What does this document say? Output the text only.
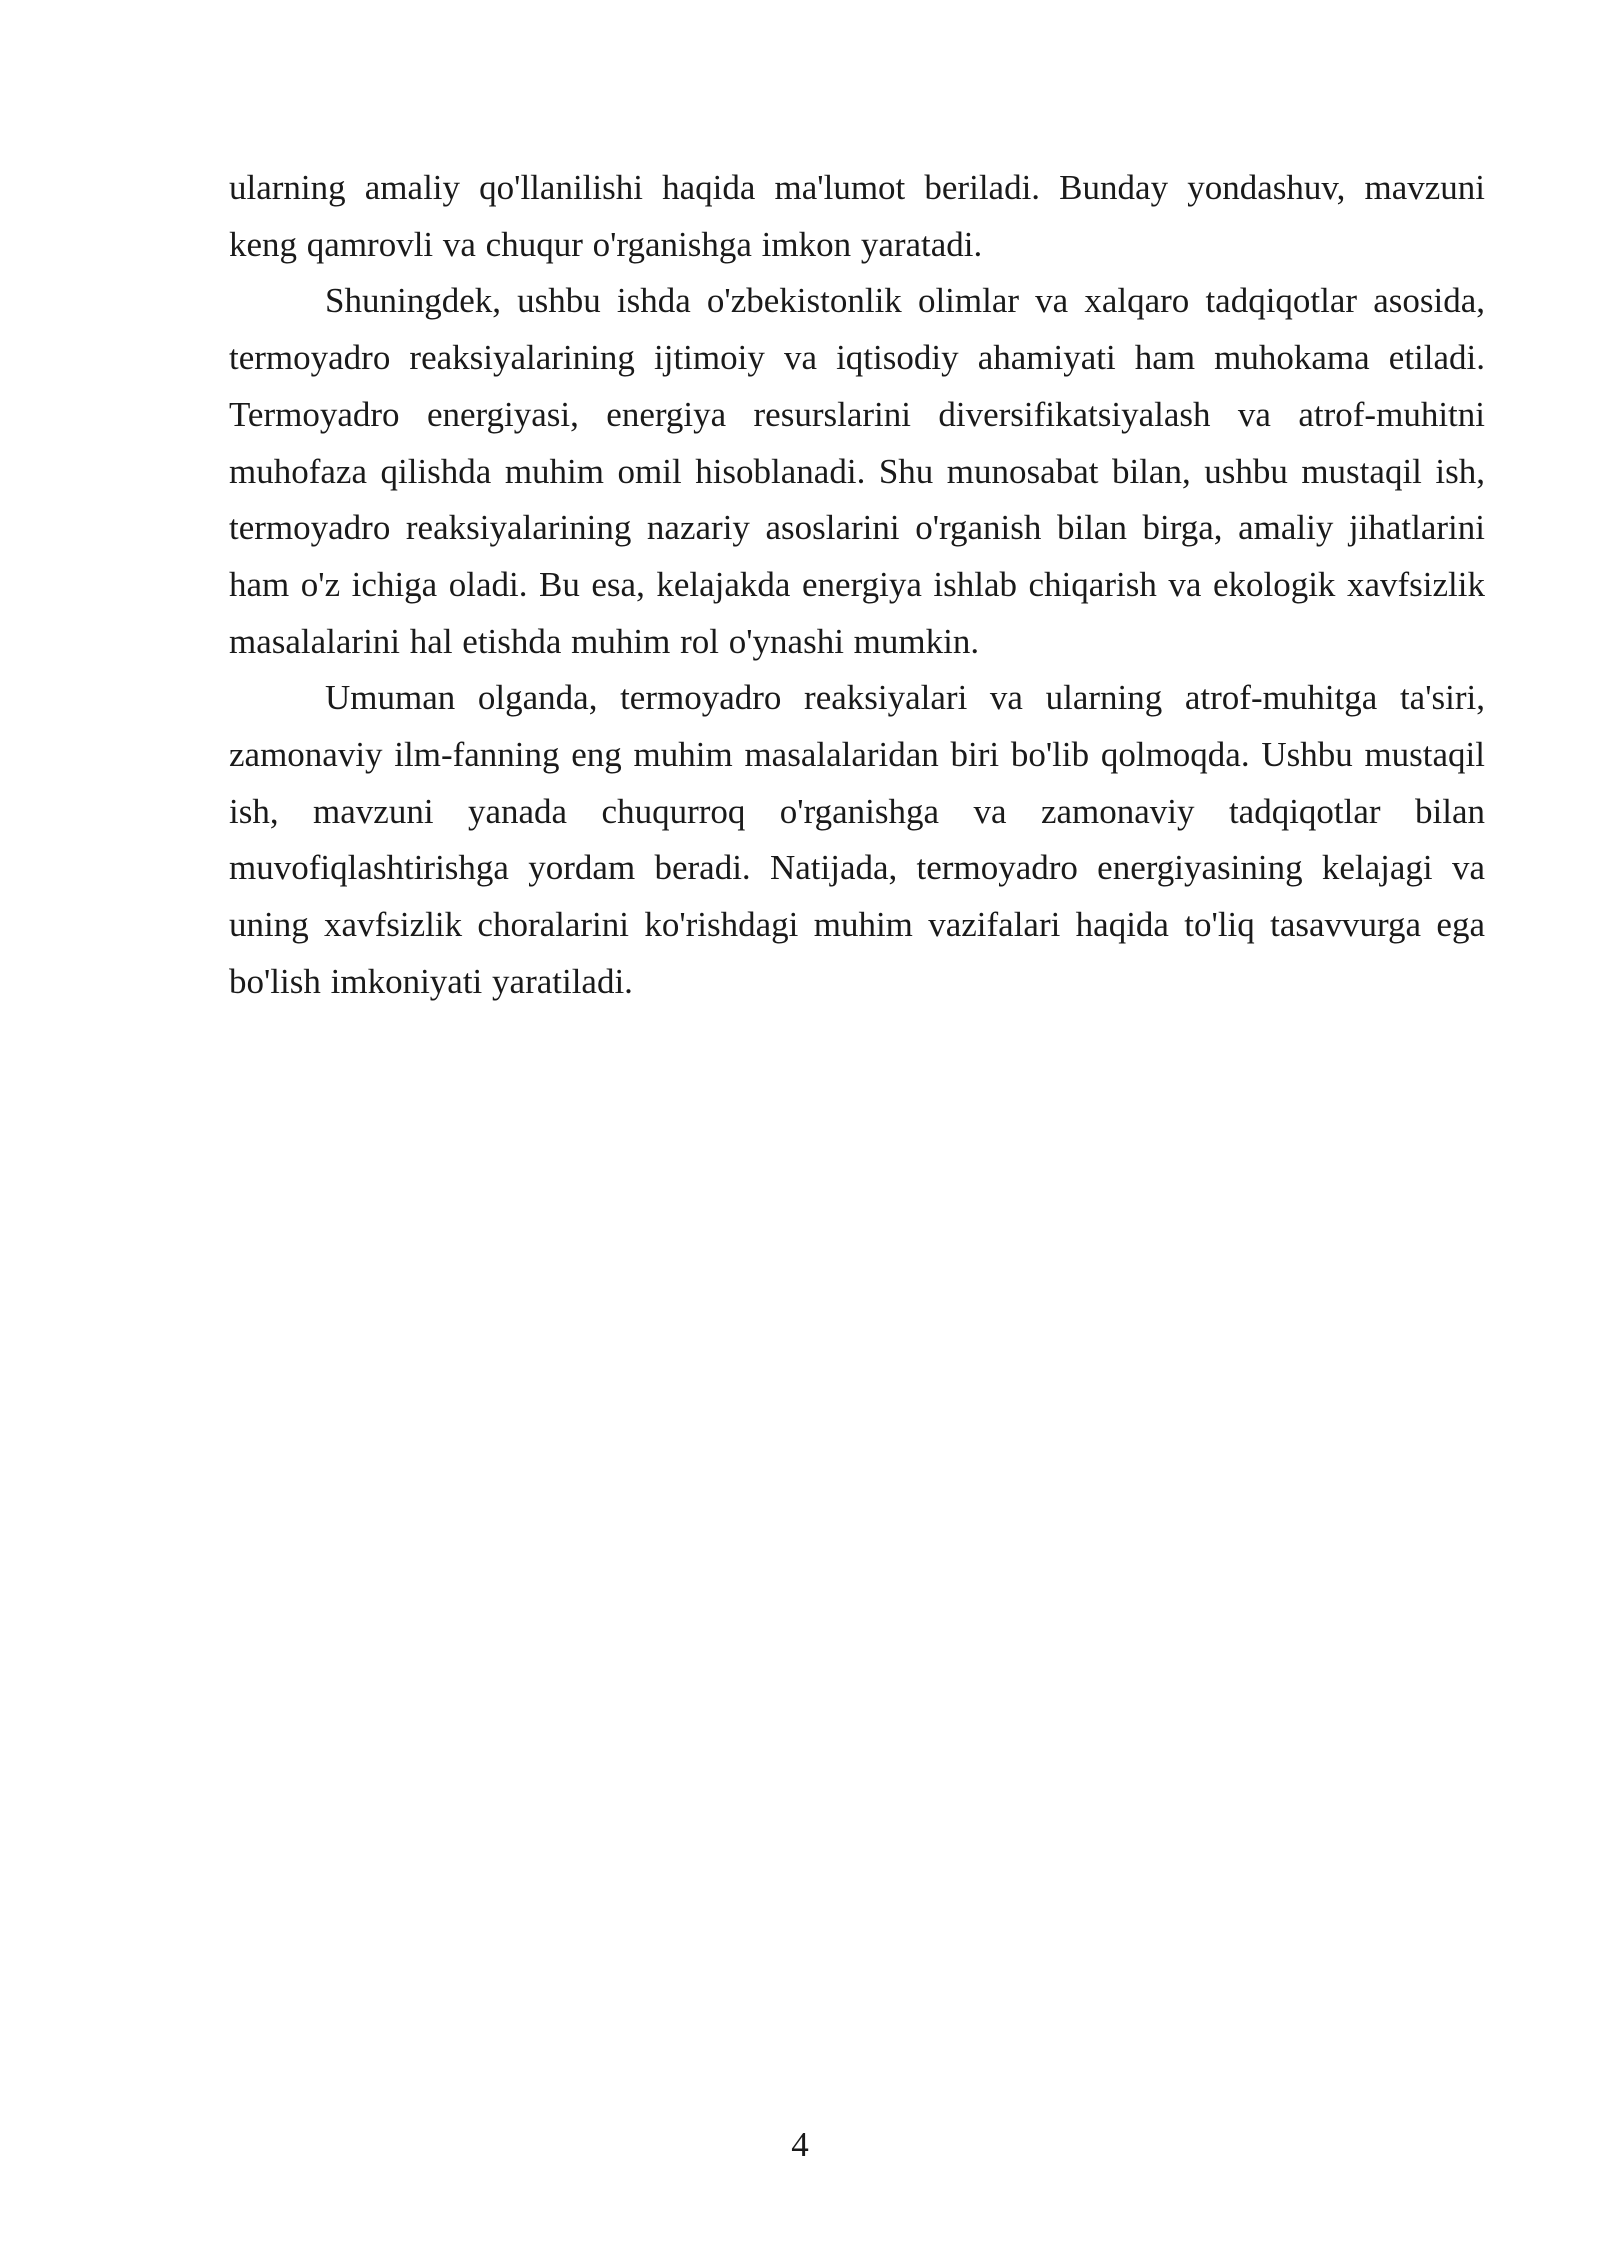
ularning amaliy qo'llanilishi haqida ma'lumot beriladi. Bunday yondashuv, mavzuni keng qamrovli va chuqur o'rganishga imkon yaratadi.

Shuningdek, ushbu ishda o'zbekistonlik olimlar va xalqaro tadqiqotlar asosida, termoyadro reaksiyalarining ijtimoiy va iqtisodiy ahamiyati ham muhokama etiladi. Termoyadro energiyasi, energiya resurslarini diversifikatsiyalash va atrof-muhitni muhofaza qilishda muhim omil hisoblanadi. Shu munosabat bilan, ushbu mustaqil ish, termoyadro reaksiyalarining nazariy asoslarini o'rganish bilan birga, amaliy jihatlarini ham o'z ichiga oladi. Bu esa, kelajakda energiya ishlab chiqarish va ekologik xavfsizlik masalalarini hal etishda muhim rol o'ynashi mumkin.

Umuman olganda, termoyadro reaksiyalari va ularning atrof-muhitga ta'siri, zamonaviy ilm-fanning eng muhim masalalaridan biri bo'lib qolmoqda. Ushbu mustaqil ish, mavzuni yanada chuqurroq o'rganishga va zamonaviy tadqiqotlar bilan muvofiqlashtirishga yordam beradi. Natijada, termoyadro energiyasining kelajagi va uning xavfsizlik choralarini ko'rishdagi muhim vazifalari haqida to'liq tasavvurga ega bo'lish imkoniyati yaratiladi.

4
